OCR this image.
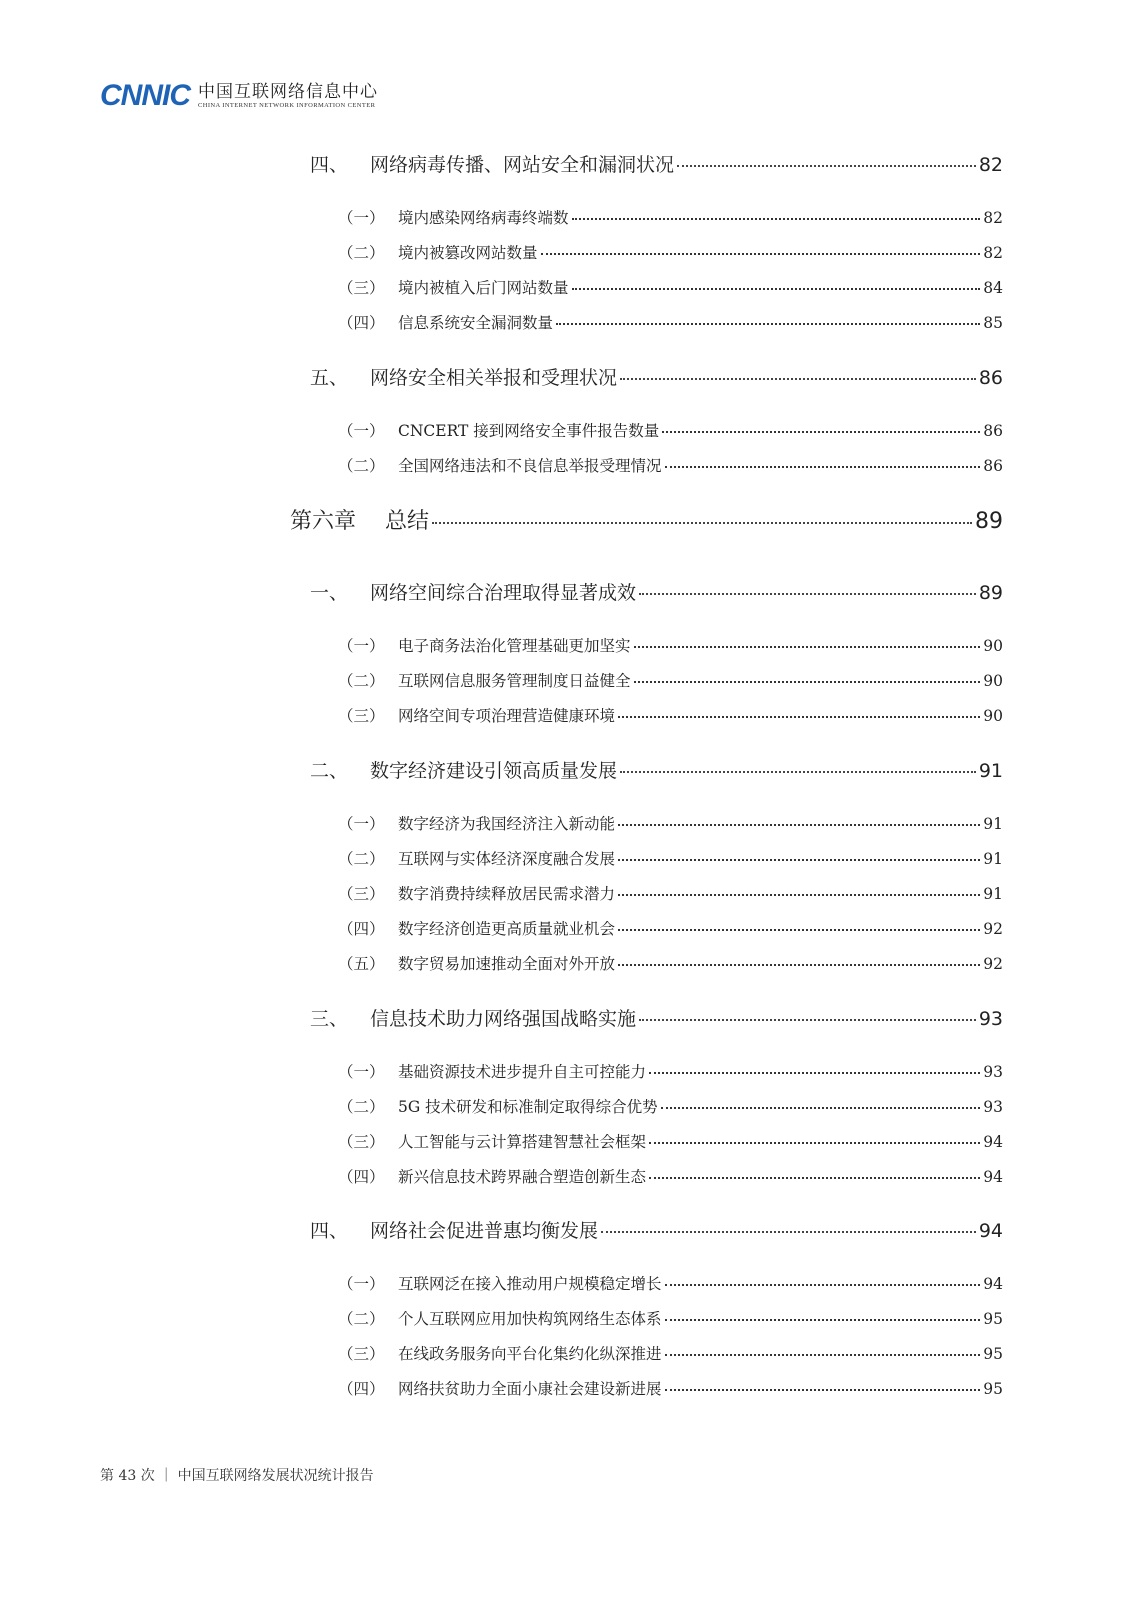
CNNIC 中国互联网络信息中心
CHINA INTERNET NETWORK INFORMATION CENTER
四、	网络病毒传播、网站安全和漏洞状况	82
（一） 境内感染网络病毒终端数	82
（二） 境内被篡改网站数量	82
（三） 境内被植入后门网站数量	84
（四） 信息系统安全漏洞数量	85
五、	网络安全相关举报和受理状况	86
（一） CNCERT 接到网络安全事件报告数量	86
（二） 全国网络违法和不良信息举报受理情况	86
第六章	总结	89
一、	网络空间综合治理取得显著成效	89
（一） 电子商务法治化管理基础更加坚实	90
（二） 互联网信息服务管理制度日益健全	90
（三） 网络空间专项治理营造健康环境	90
二、	数字经济建设引领高质量发展	91
（一） 数字经济为我国经济注入新动能	91
（二） 互联网与实体经济深度融合发展	91
（三） 数字消费持续释放居民需求潜力	91
（四） 数字经济创造更高质量就业机会	92
（五） 数字贸易加速推动全面对外开放	92
三、	信息技术助力网络强国战略实施	93
（一） 基础资源技术进步提升自主可控能力	93
（二） 5G 技术研发和标准制定取得综合优势	93
（三） 人工智能与云计算搭建智慧社会框架	94
（四） 新兴信息技术跨界融合塑造创新生态	94
四、	网络社会促进普惠均衡发展	94
（一） 互联网泛在接入推动用户规模稳定增长	94
（二） 个人互联网应用加快构筑网络生态体系	95
（三） 在线政务服务向平台化集约化纵深推进	95
（四） 网络扶贫助力全面小康社会建设新进展	95
第 43 次 ｜ 中国互联网络发展状况统计报告
